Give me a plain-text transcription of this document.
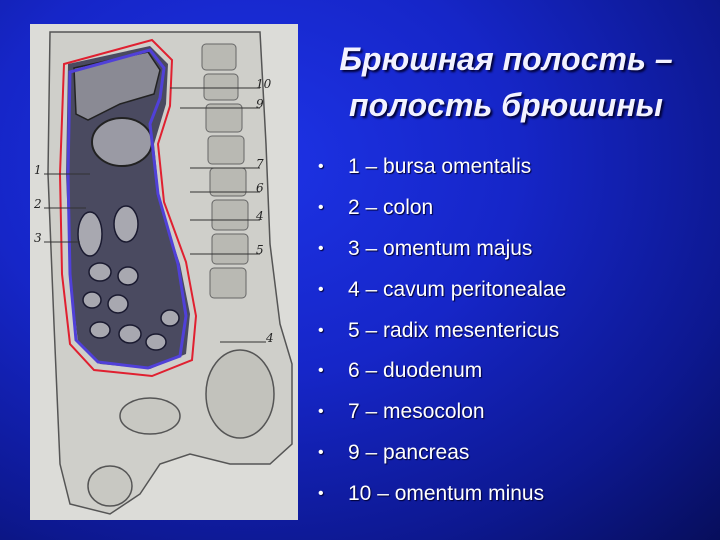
1
2
3
10
9
7
6
4
5
4
Брюшная полость –
полость брюшины
• 1 – bursa omentalis
• 2 – colon
• 3 – omentum majus
• 4 – cavum peritonealae
• 5 – radix mesentericus
• 6 – duodenum
• 7 – mesocolon
• 9 – pancreas
• 10 – omentum minus
